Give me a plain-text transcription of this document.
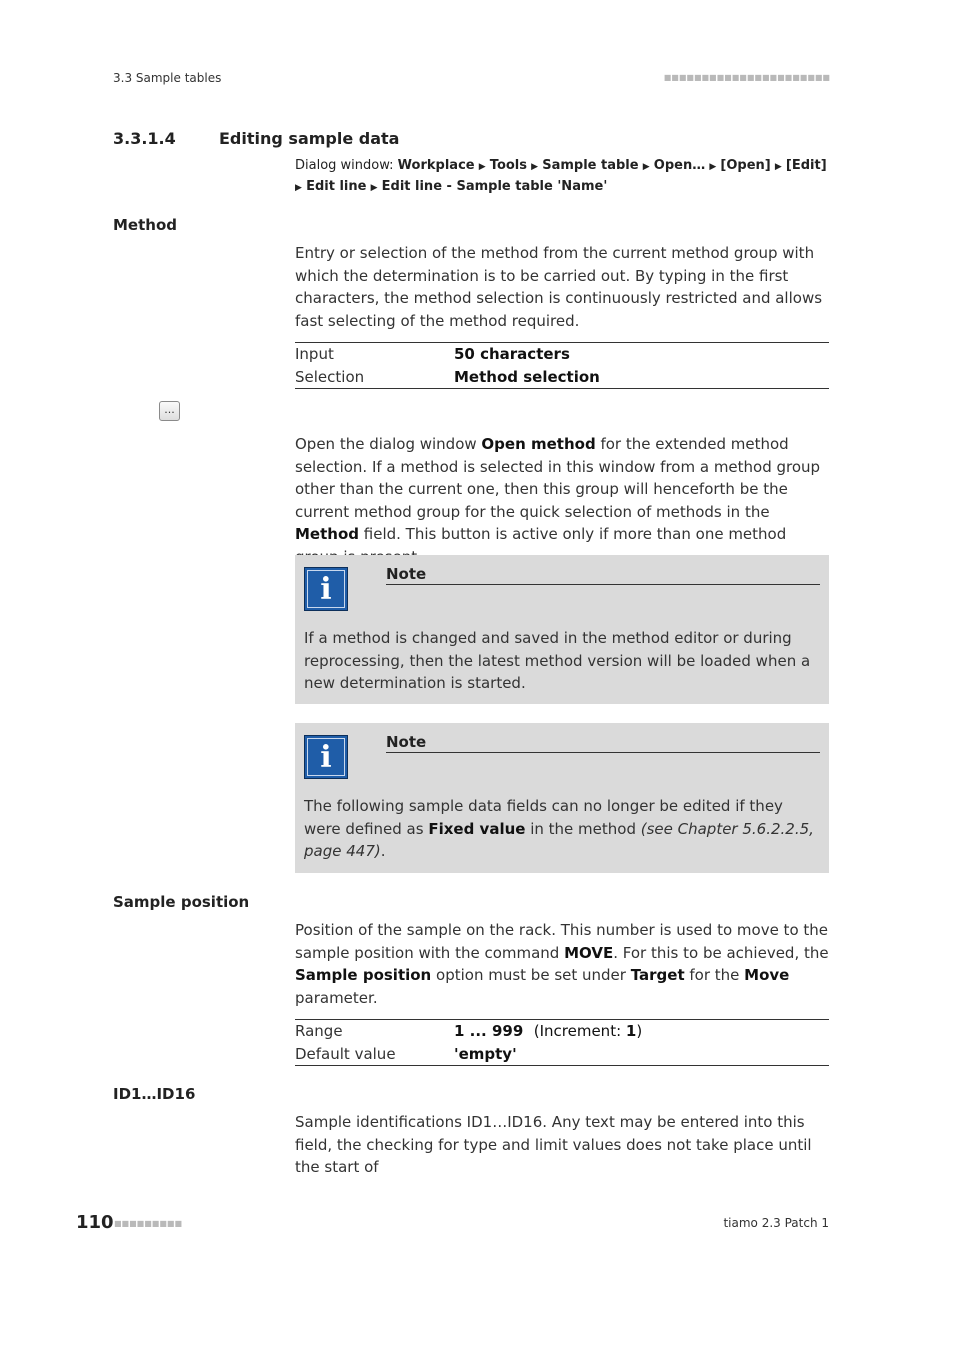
3.3 Sample tables	■■■■■■■■■■■■■■■■■■■■■■
3.3.1.4	Editing sample data
Dialog window: Workplace ▶ Tools ▶ Sample table ▶ Open… ▶ [Open] ▶ [Edit] ▶ Edit line ▶ Edit line - Sample table 'Name'
Method
Entry or selection of the method from the current method group with which the determination is to be carried out. By typing in the first characters, the method selection is continuously restricted and allows fast selecting of the method required.
Input	50 characters
Selection	Method selection
...
Open the dialog window Open method for the extended method selection. If a method is selected in this window from a method group other than the current one, then this group will henceforth be the current method group for the quick selection of methods in the Method field. This button is active only if more than one method
i	Note
If a method is changed and saved in the method editor or during reprocessing, then the latest method version will be loaded when a new determination is started.
i	Note
The following sample data fields can no longer be edited if they were defined as Fixed value in the method (see Chapter 5.6.2.2.5, page 447).
Sample position
Position of the sample on the rack. This number is used to move to the sample position with the command MOVE. For this to be achieved, the Sample position option must be set under Target for the Move parameter.
Range	1 ... 999 (Increment: 1)
Default value	'empty'
ID1…ID16
Sample identifications ID1…ID16. Any text may be entered into this field, the checking for type and limit values does not take place until the start of
110 ■■■■■■■■■	tiamo 2.3 Patch 1
